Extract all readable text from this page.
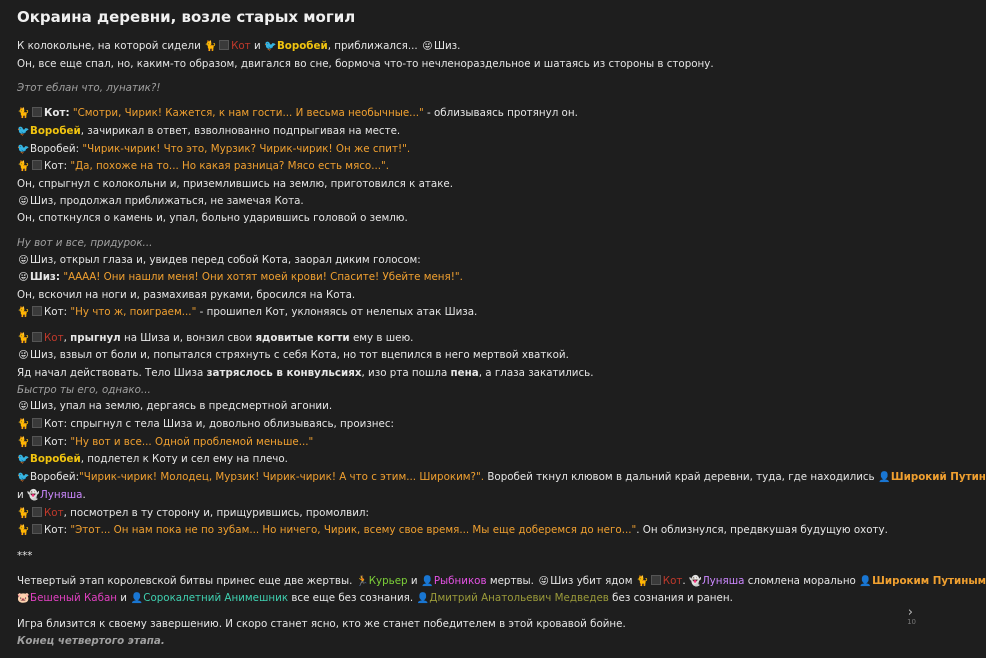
Окраина деревни, возле старых могил
К колокольне, на которой сидели 🐈 Кот и 🐦Воробей, приближался... 😜Шиз.
Он, все еще спал, но, каким-то образом, двигался во сне, бормоча что-то нечленораздельное и шатаясь из стороны в сторону.
Этот еблан что, лунатик?!
🐈 Кот: "Смотри, Чирик! Кажется, к нам гости... И весьма необычные..." - облизываясь протянул он.
🐦Воробей, зачирикал в ответ, взволнованно подпрыгивая на месте.
🐦Воробей: "Чирик-чирик! Что это, Мурзик? Чирик-чирик! Он же спит!".
🐈 Кот: "Да, похоже на то... Но какая разница? Мясо есть мясо...".
Он, спрыгнул с колокольни и, приземлившись на землю, приготовился к атаке.
😜Шиз, продолжал приближаться, не замечая Кота.
Он, споткнулся о камень и, упал, больно ударившись головой о землю.
Ну вот и все, придурок...
😜Шиз, открыл глаза и, увидев перед собой Кота, заорал диким голосом:
😜Шиз: "АААА! Они нашли меня! Они хотят моей крови! Спасите! Убейте меня!".
Он, вскочил на ноги и, размахивая руками, бросился на Кота.
🐈 Кот: "Ну что ж, поиграем..." - прошипел Кот, уклоняясь от нелепых атак Шиза.
🐈 Кот, прыгнул на Шиза и, вонзил свои ядовитые когти ему в шею.
😜Шиз, взвыл от боли и, попытался стряхнуть с себя Кота, но тот вцепился в него мертвой хваткой.
Яд начал действовать. Тело Шиза затряслось в конвульсиях, изо рта пошла пена, а глаза закатились.
Быстро ты его, однако...
😜Шиз, упал на землю, дергаясь в предсмертной агонии.
🐈 Кот: спрыгнул с тела Шиза и, довольно облизываясь, произнес:
🐈 Кот: "Ну вот и все... Одной проблемой меньше..."
🐦Воробей, подлетел к Коту и сел ему на плечо.
🐦Воробей:"Чирик-чирик! Молодец, Мурзик! Чирик-чирик! А что с этим... Широким?". Воробей ткнул клювом в дальний край деревни, туда, где находились 👤Широкий Путин
и 👻Луняша.
🐈 Кот, посмотрел в ту сторону и, прищурившись, промолвил:
🐈 Кот: "Этот... Он нам пока не по зубам... Но ничего, Чирик, всему свое время... Мы еще доберемся до него...". Он облизнулся, предвкушая будущую охоту.
***
Четвертый этап королевской битвы принес еще две жертвы. 🏃Курьер и 👤Рыбников мертвы. 😜Шиз убит ядом 🐈 Кот. 👻Луняша сломлена морально 👤Широким Путиным
🐷Бешеный Кабан и 👤Сорокалетний Анимешник все еще без сознания. 👤Дмитрий Анатольевич Медведев без сознания и ранен.
Игра близится к своему завершению. И скоро станет ясно, кто же станет победителем в этой кровавой бойне.
Конец четвертого этапа.
›
10
